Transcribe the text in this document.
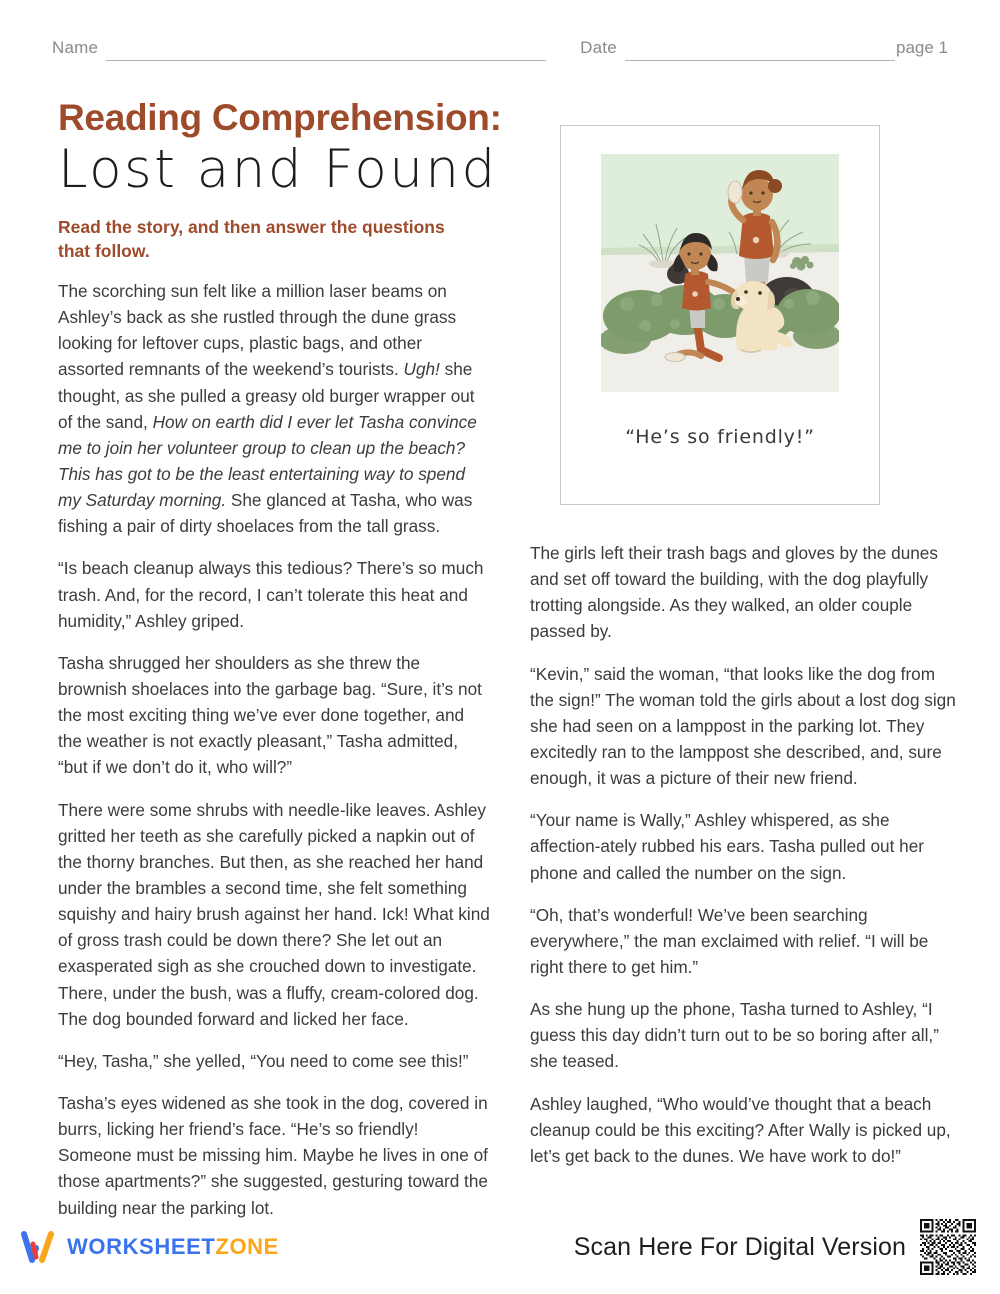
Name	Date	page 1
Reading Comprehension:
Lost and Found

Read the story, and then answer the questions that follow.

“He’s so friendly!”

The scorching sun felt like a million laser beams on Ashley’s back as she rustled through the dune grass looking for leftover cups, plastic bags, and other assorted remnants of the weekend’s tourists. Ugh! she thought, as she pulled a greasy old burger wrapper out of the sand, How on earth did I ever let Tasha convince me to join her volunteer group to clean up the beach? This has got to be the least entertaining way to spend my Saturday morning. She glanced at Tasha, who was fishing a pair of dirty shoelaces from the tall grass.

“Is beach cleanup always this tedious? There’s so much trash. And, for the record, I can’t tolerate this heat and humidity,” Ashley griped.

Tasha shrugged her shoulders as she threw the brownish shoelaces into the garbage bag. “Sure, it’s not the most exciting thing we’ve ever done together, and the weather is not exactly pleasant,” Tasha admitted, “but if we don’t do it, who will?”

There were some shrubs with needle-like leaves. Ashley gritted her teeth as she carefully picked a napkin out of the thorny branches. But then, as she reached her hand under the brambles a second time, she felt something squishy and hairy brush against her hand. Ick! What kind of gross trash could be down there? She let out an exasperated sigh as she crouched down to investigate. There, under the bush, was a fluffy, cream-colored dog. The dog bounded forward and licked her face.

“Hey, Tasha,” she yelled, “You need to come see this!”

Tasha’s eyes widened as she took in the dog, covered in burrs, licking her friend’s face. “He’s so friendly! Someone must be missing him. Maybe he lives in one of those apartments?” she suggested, gesturing toward the building near the parking lot.

The girls left their trash bags and gloves by the dunes and set off toward the building, with the dog playfully trotting alongside. As they walked, an older couple passed by.

“Kevin,” said the woman, “that looks like the dog from the sign!” The woman told the girls about a lost dog sign she had seen on a lamppost in the parking lot. They excitedly ran to the lamppost she described, and, sure enough, it was a picture of their new friend.

“Your name is Wally,” Ashley whispered, as she affection-ately rubbed his ears. Tasha pulled out her phone and called the number on the sign.

“Oh, that’s wonderful! We’ve been searching everywhere,” the man exclaimed with relief. “I will be right there to get him.”

As she hung up the phone, Tasha turned to Ashley, “I guess this day didn’t turn out to be so boring after all,” she teased.

Ashley laughed, “Who would’ve thought that a beach cleanup could be this exciting? After Wally is picked up, let’s get back to the dunes. We have work to do!”

WORKSHEETZONE	Scan Here For Digital Version
